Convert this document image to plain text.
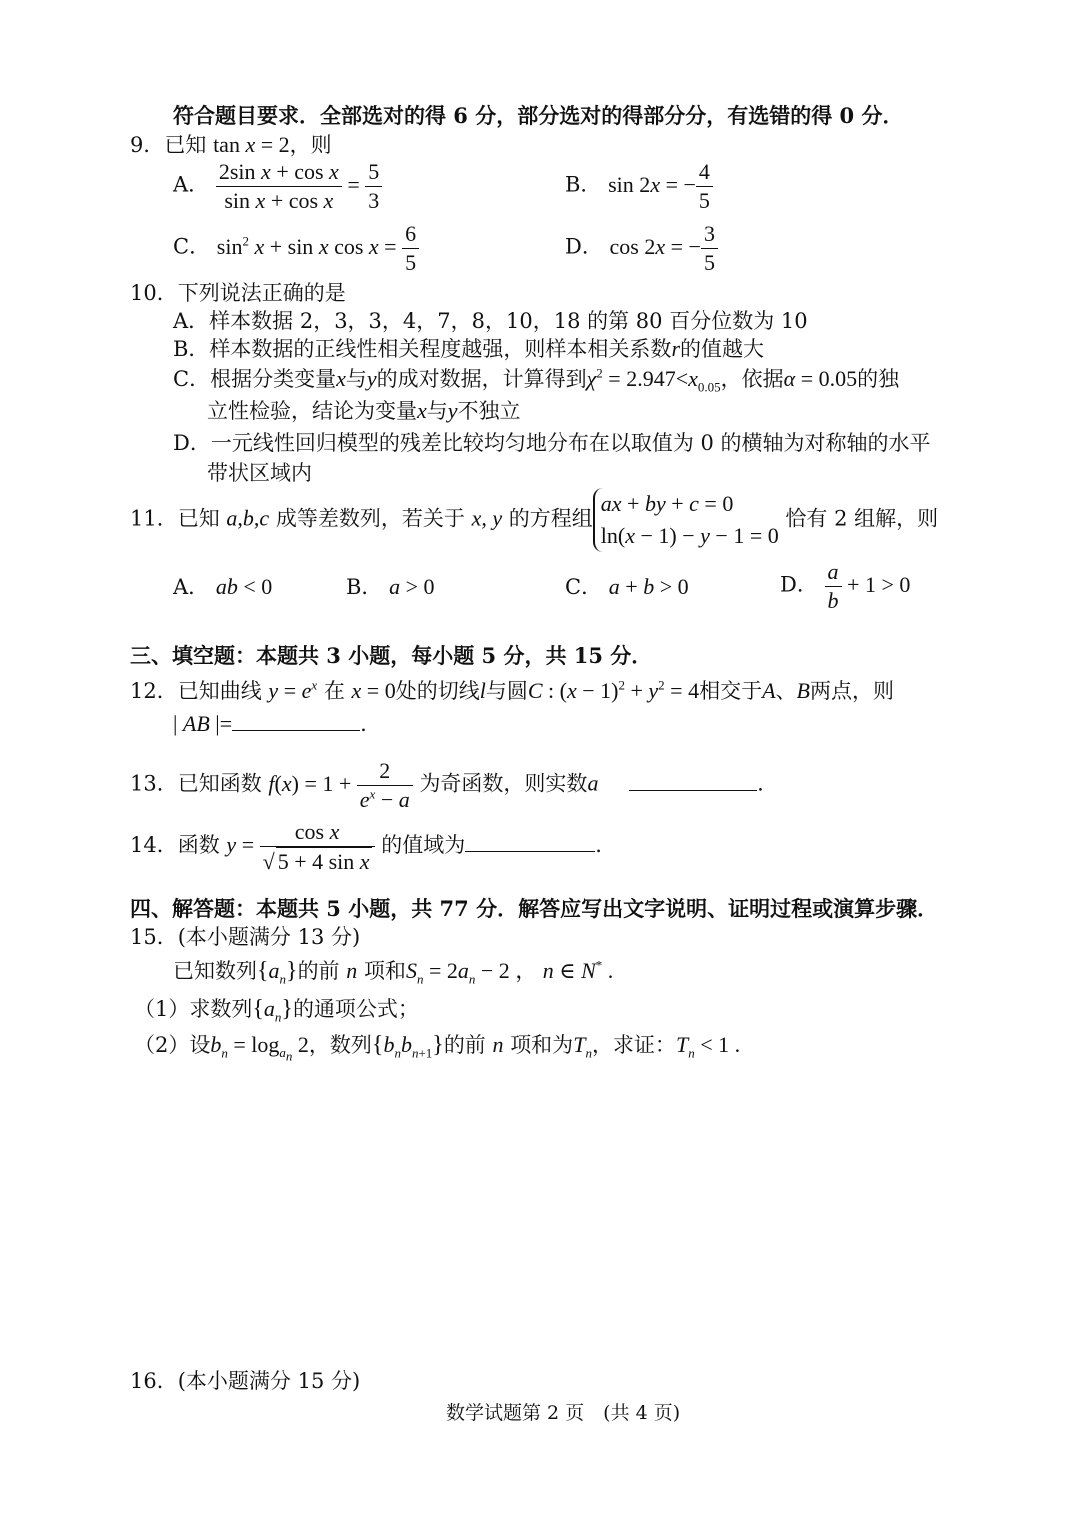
符合题目要求．全部选对的得 6 分，部分选对的得部分分，有选错的得 0 分．
9．已知 tan x = 2，则
A． $\frac{\text{2sin x + cos x}}{\text{sin x + cos x}} = \frac{5}{3}$	B． sin 2x = − $\frac{4}{5}$
C． $\sin^2 x + \sin x$ $\cos x = \frac{6}{5}$	D． cos 2x = − $\frac{3}{5}$
10．下列说法正确的是
A．样本数据 2，3，3，4，7，8，10，18 的第 80 百分位数为 10
B．样本数据的正线性相关程度越强，则样本相关系数r的值越大
C．根据分类变量x与y的成对数据，计算得到$\chi^2 = 2.947<x_{0.05}$，依据α = 0.05的独
立性检验，结论为变量x与y不独立
D．一元线性回归模型的残差比较均匀地分布在以取值为 0 的横轴为对称轴的水平
带状区域内
11．已知 a,b,c 成等差数列，若关于 x, y 的方程组
ax + by + c = 0
ln(x − 1) − y − 1 = 0
恰有 2 组解，则
A． ab < 0	B． a > 0	C． a + b > 0	D． $\frac{a}{b} + 1 > 0$
三、填空题：本题共 3 小题，每小题 5 分，共 15 分．
12．已知曲线 $y = e^x$ 在 x = 0处的切线l与圆C : $(x - 1)^2 + y^2 = 4$相交于A、B两点，则
| AB |=	.
13．已知函数 $f(x) = 1 + \frac{2}{e^x - a}$ 为奇函数，则实数a	.
14．函数 $y = \frac{\text{cos x}}{\text{√ 5 + 4 sin x}}$ 的值域为	.
四、解答题：本题共 5 小题，共 77 分．解答应写出文字说明、证明过程或演算步骤．
15．(本小题满分 13 分)
已知数列$\{a_n\}$的前 n 项和$S_n = 2a_n - 2$ ， n ∈ N* .
（1）求数列$\{a_n\}$的通项公式；
（2）设$b_n = \log_{a_n} 2$，数列$\{b_nb_{n+1}\}$的前 n 项和为$T_n$，求证：$T_n < 1$ .
16．(本小题满分 15 分)
数学试题第 2 页　(共 4 页)
